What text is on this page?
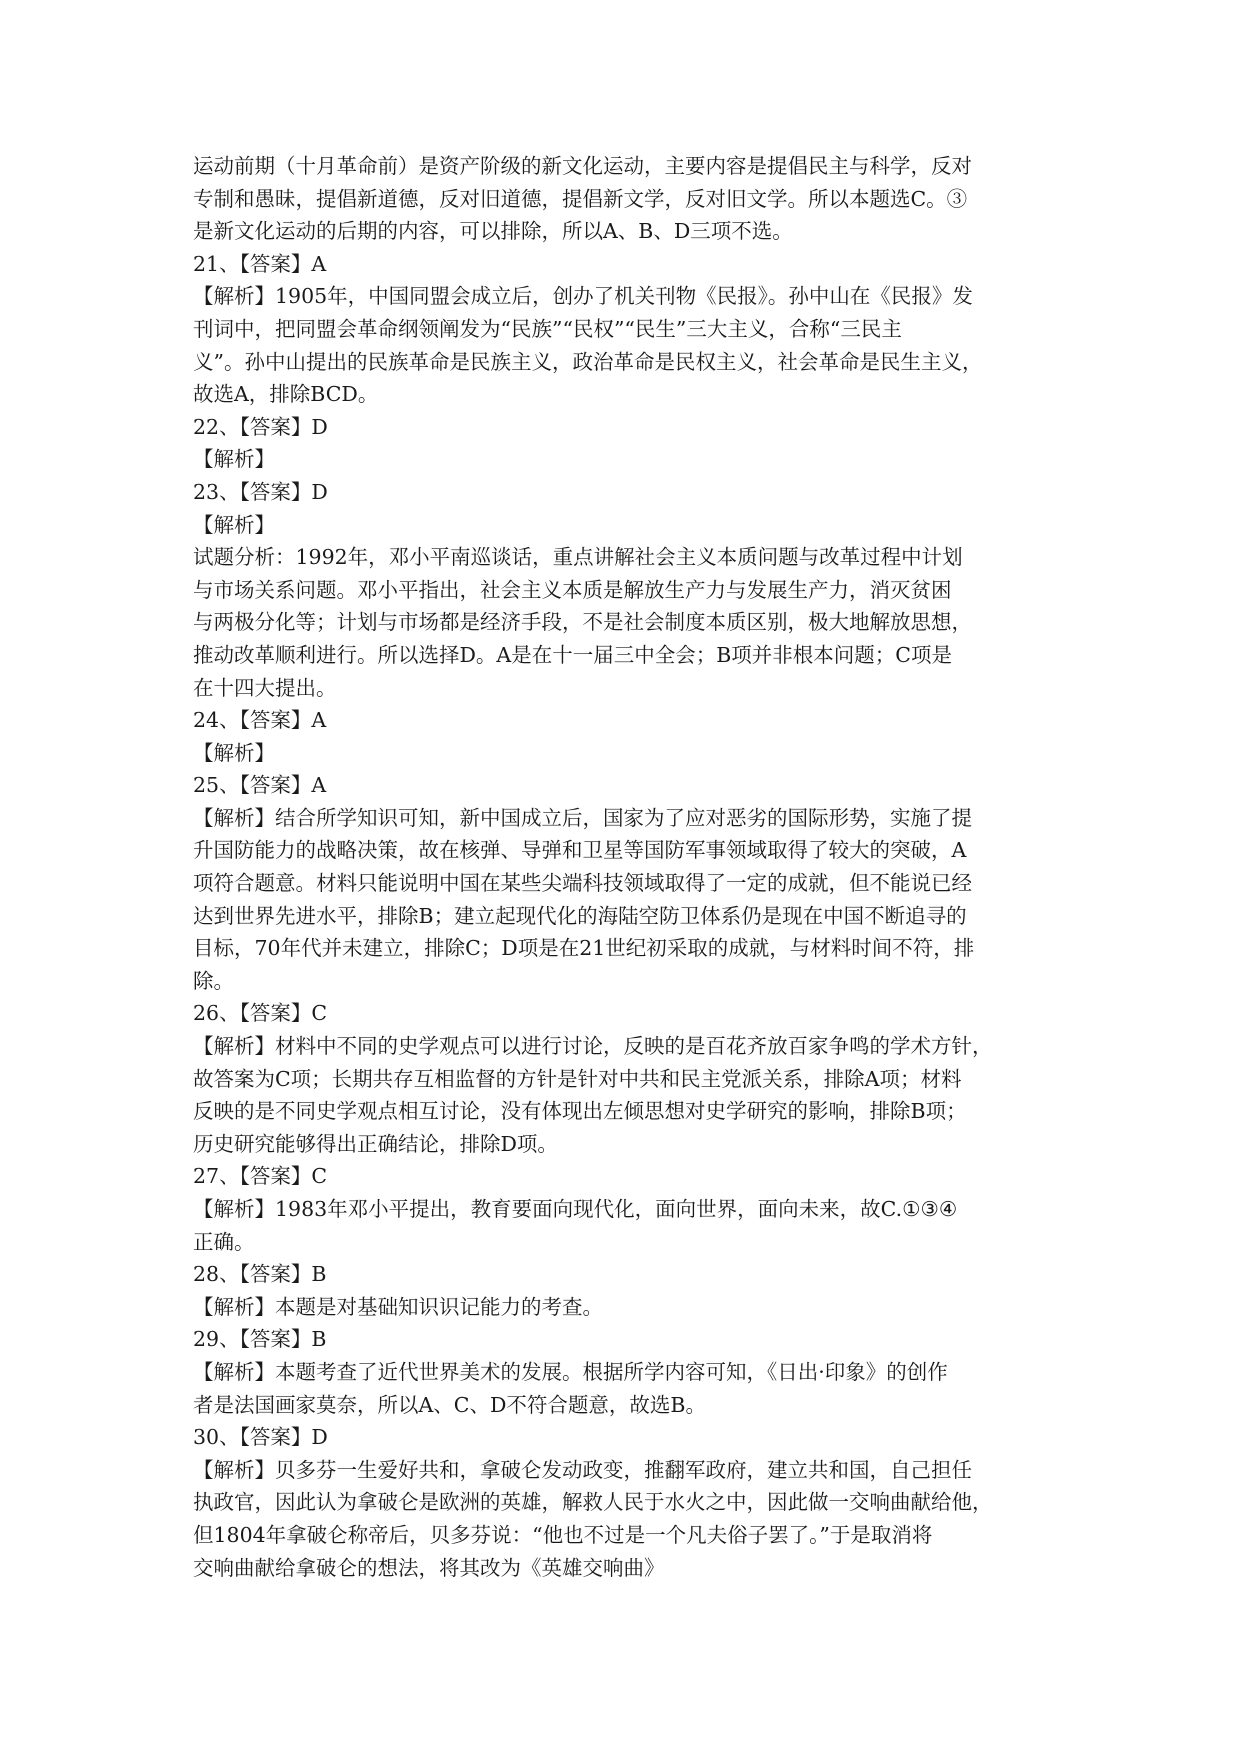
运动前期（十月革命前）是资产阶级的新文化运动，主要内容是提倡民主与科学，反对
专制和愚昧，提倡新道德，反对旧道德，提倡新文学，反对旧文学。所以本题选C。③
是新文化运动的后期的内容，可以排除，所以A、B、D三项不选。
21、【答案】A
【解析】1905年，中国同盟会成立后，创办了机关刊物《民报》。孙中山在《民报》发
刊词中，把同盟会革命纲领阐发为“民族”“民权”“民生”三大主义，合称“三民主
义”。孙中山提出的民族革命是民族主义，政治革命是民权主义，社会革命是民生主义，
故选A，排除BCD。
22、【答案】D
【解析】
23、【答案】D
【解析】
试题分析：1992年，邓小平南巡谈话，重点讲解社会主义本质问题与改革过程中计划
与市场关系问题。邓小平指出，社会主义本质是解放生产力与发展生产力，消灭贫困
与两极分化等；计划与市场都是经济手段，不是社会制度本质区别，极大地解放思想，
推动改革顺利进行。所以选择D。A是在十一届三中全会；B项并非根本问题；C项是
在十四大提出。
24、【答案】A
【解析】
25、【答案】A
【解析】结合所学知识可知，新中国成立后，国家为了应对恶劣的国际形势，实施了提
升国防能力的战略决策，故在核弹、导弹和卫星等国防军事领域取得了较大的突破，A
项符合题意。材料只能说明中国在某些尖端科技领域取得了一定的成就，但不能说已经
达到世界先进水平，排除B；建立起现代化的海陆空防卫体系仍是现在中国不断追寻的
目标，70年代并未建立，排除C；D项是在21世纪初采取的成就，与材料时间不符，排
除。
26、【答案】C
【解析】材料中不同的史学观点可以进行讨论，反映的是百花齐放百家争鸣的学术方针，
故答案为C项；长期共存互相监督的方针是针对中共和民主党派关系，排除A项；材料
反映的是不同史学观点相互讨论，没有体现出左倾思想对史学研究的影响，排除B项；
历史研究能够得出正确结论，排除D项。
27、【答案】C
【解析】1983年邓小平提出，教育要面向现代化，面向世界，面向未来，故C.①③④
正确。
28、【答案】B
【解析】本题是对基础知识识记能力的考查。
29、【答案】B
【解析】本题考查了近代世界美术的发展。根据所学内容可知，《日出·印象》的创作
者是法国画家莫奈，所以A、C、D不符合题意，故选B。
30、【答案】D
【解析】贝多芬一生爱好共和，拿破仑发动政变，推翻军政府，建立共和国，自己担任
执政官，因此认为拿破仑是欧洲的英雄，解救人民于水火之中，因此做一交响曲献给他，
但1804年拿破仑称帝后，贝多芬说：“他也不过是一个凡夫俗子罢了。”于是取消将
交响曲献给拿破仑的想法，将其改为《英雄交响曲》
